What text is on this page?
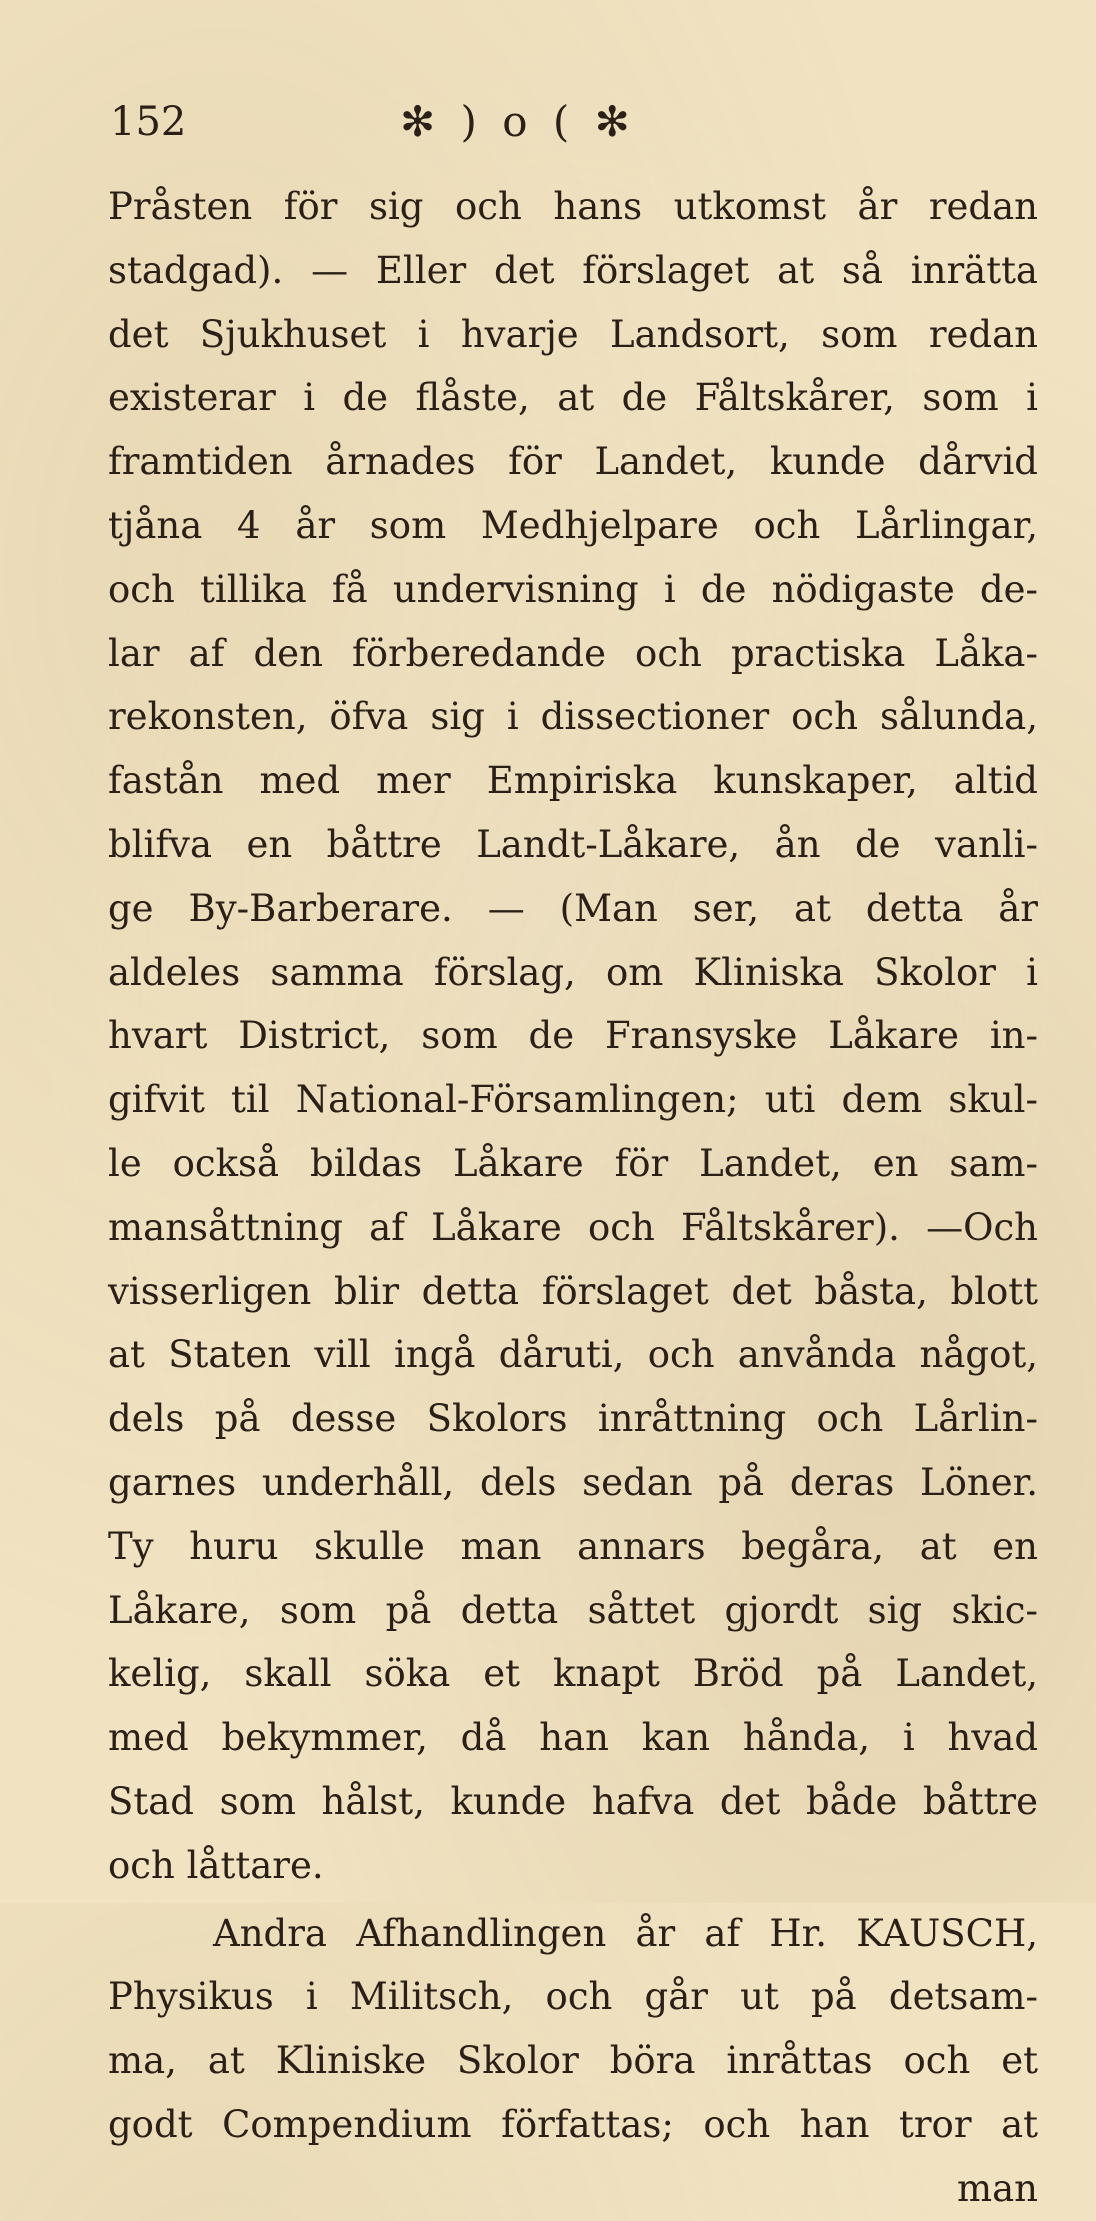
152	✻ ) o ( ✻
Pråsten för sig och hans utkomst år redan
stadgad). — Eller det förslaget at så inrätta
det Sjukhuset i hvarje Landsort, som redan
existerar i de flåste, at de Fåltskårer, som i
framtiden årnades för Landet, kunde dårvid
tjåna 4 år som Medhjelpare och Lårlingar,
och tillika få undervisning i de nödigaste de-
lar af den förberedande och practiska Låka-
rekonsten, öfva sig i dissectioner och sålunda,
fastån med mer Empiriska kunskaper, altid
blifva en båttre Landt-Låkare, ån de vanli-
ge By-Barberare. — (Man ser, at detta år
aldeles samma förslag, om Kliniska Skolor i
hvart District, som de Fransyske Låkare in-
gifvit til National-Församlingen; uti dem skul-
le också bildas Låkare för Landet, en sam-
mansåttning af Låkare och Fåltskårer). —Och
visserligen blir detta förslaget det båsta, blott
at Staten vill ingå dåruti, och anvånda något,
dels på desse Skolors inråttning och Lårlin-
garnes underhåll, dels sedan på deras Löner.
Ty huru skulle man annars begåra, at en
Låkare, som på detta såttet gjordt sig skic-
kelig, skall söka et knapt Bröd på Landet,
med bekymmer, då han kan hånda, i hvad
Stad som hålst, kunde hafva det både båttre
och låttare.
Andra Afhandlingen år af Hr. KAUSCH,
Physikus i Militsch, och går ut på detsam-
ma, at Kliniske Skolor böra inråttas och et
godt Compendium författas; och han tror at
man
